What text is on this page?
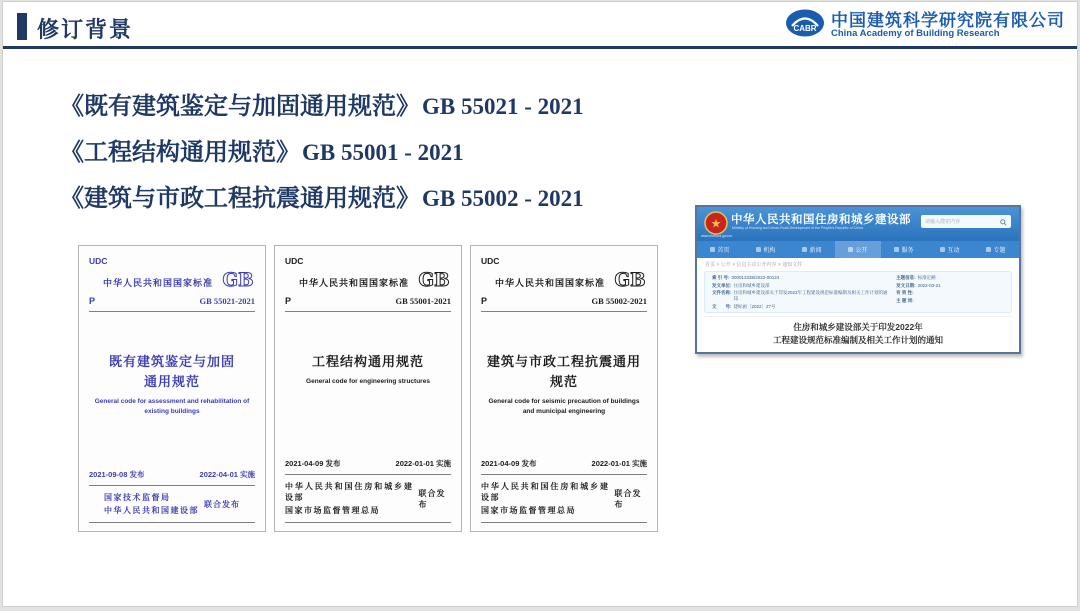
修订背景	CABR 中国建筑科学研究院有限公司
China Academy of Building Research
《既有建筑鉴定与加固通用规范》 GB 55021 - 2021
《工程结构通用规范》 GB 55001 - 2021
《建筑与市政工程抗震通用规范》 GB 55002 - 2021
UDC
中华人民共和国国家标准 GB
P	GB 55021-2021
既有建筑鉴定与加固
通用规范
General code for assessment and rehabilitation of existing buildings
2021-09-08 发布	2022-04-01 实施
国家技术监督局
中华人民共和国建设部
联合发布
UDC
中华人民共和国国家标准 GB
P	GB 55001-2021
工程结构通用规范
General code for engineering structures
2021-04-09 发布	2022-01-01 实施
中华人民共和国住房和城乡建设部
国家市场监督管理总局
联合发布
UDC
中华人民共和国国家标准 GB
P	GB 55002-2021
建筑与市政工程抗震通用规范
General code for seismic precaution of buildings and municipal engineering
2021-04-09 发布	2022-01-01 实施
中华人民共和国住房和城乡建设部
国家市场监督管理总局
联合发布
★ 中华人民共和国住房和城乡建设部
Ministry of Housing and Urban-Rural Development of the People's Republic of China
www.mohurd.gov.cn
请输入搜索内容
首页	机构	新闻	公开	服务	互动	专题
首页 > 公开 > 信息主动公开内容 > 通知文件
索 引 号: 000013338/2022-00124
发文单位: 住房和城乡建设部
文件名称: 住房和城乡建设部关于印发2022年工程建设规范标准编制及相关工作计划的通知
文　　号: 建标函〔2022〕27号
主题信息: 标准定额
发文日期: 2022-03-21
有 效 性:
主 题 词:
住房和城乡建设部关于印发2022年
工程建设规范标准编制及相关工作计划的通知
